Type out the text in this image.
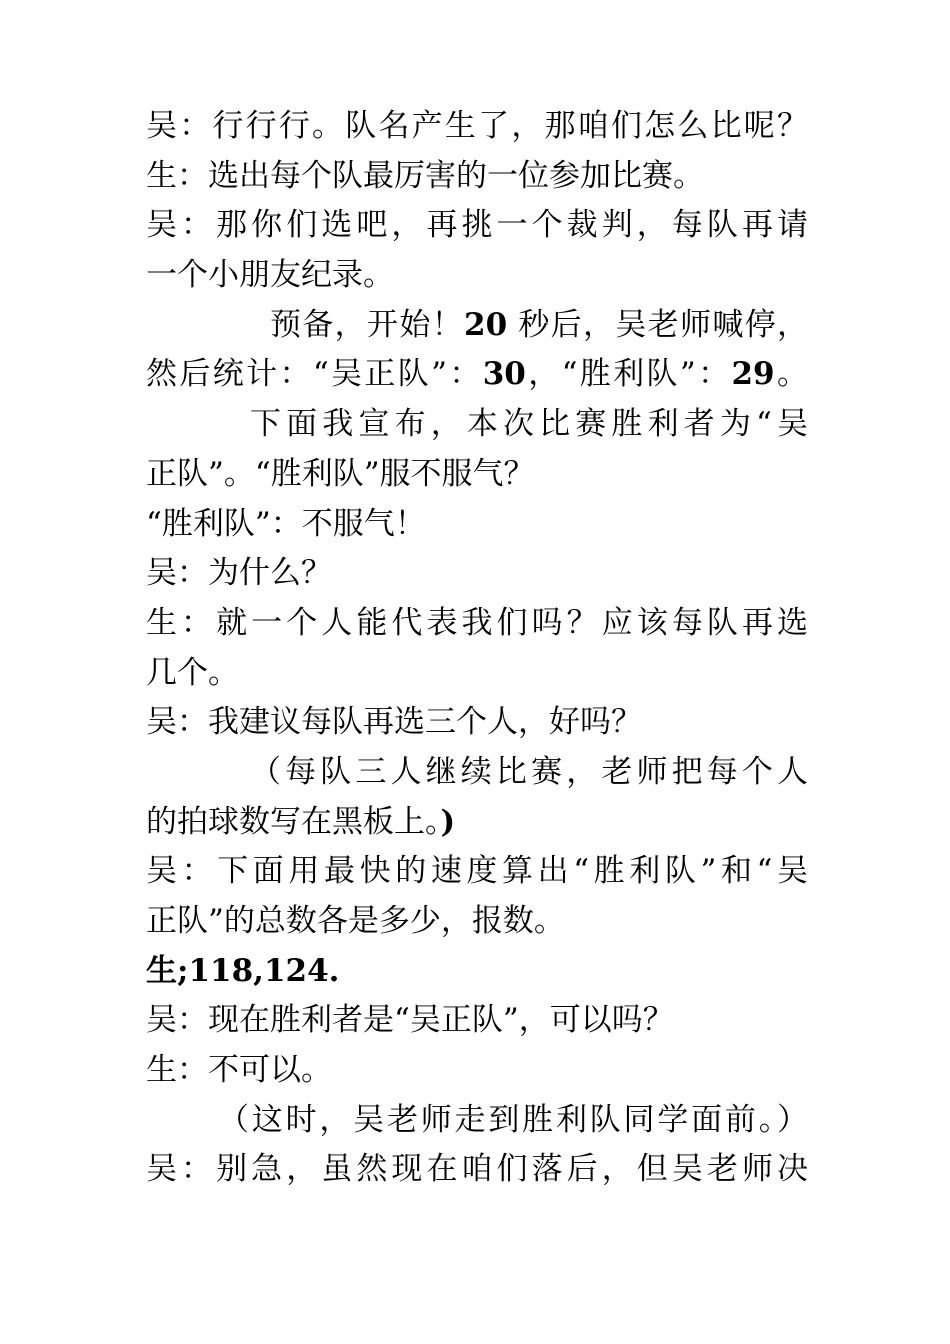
吴：行行行。队名产生了，那咱们怎么比呢？
生：选出每个队最厉害的一位参加比赛。
吴：那你们选吧，再挑一个裁判，每队再请
一个小朋友纪录。
预备，开始！20 秒后，吴老师喊停，
然后统计：“吴正队”：30，“胜利队”：29。
下面我宣布，本次比赛胜利者为“吴
正队”。“胜利队”服不服气？
“胜利队”：不服气！
吴：为什么？
生：就一个人能代表我们吗？应该每队再选
几个。
吴：我建议每队再选三个人，好吗？
（每队三人继续比赛，老师把每个人
的拍球数写在黑板上。)
吴：下面用最快的速度算出“胜利队”和“吴
正队”的总数各是多少，报数。
生;118,124.
吴：现在胜利者是“吴正队”，可以吗？
生：不可以。
（这时，吴老师走到胜利队同学面前。）
吴：别急，虽然现在咱们落后，但吴老师决
